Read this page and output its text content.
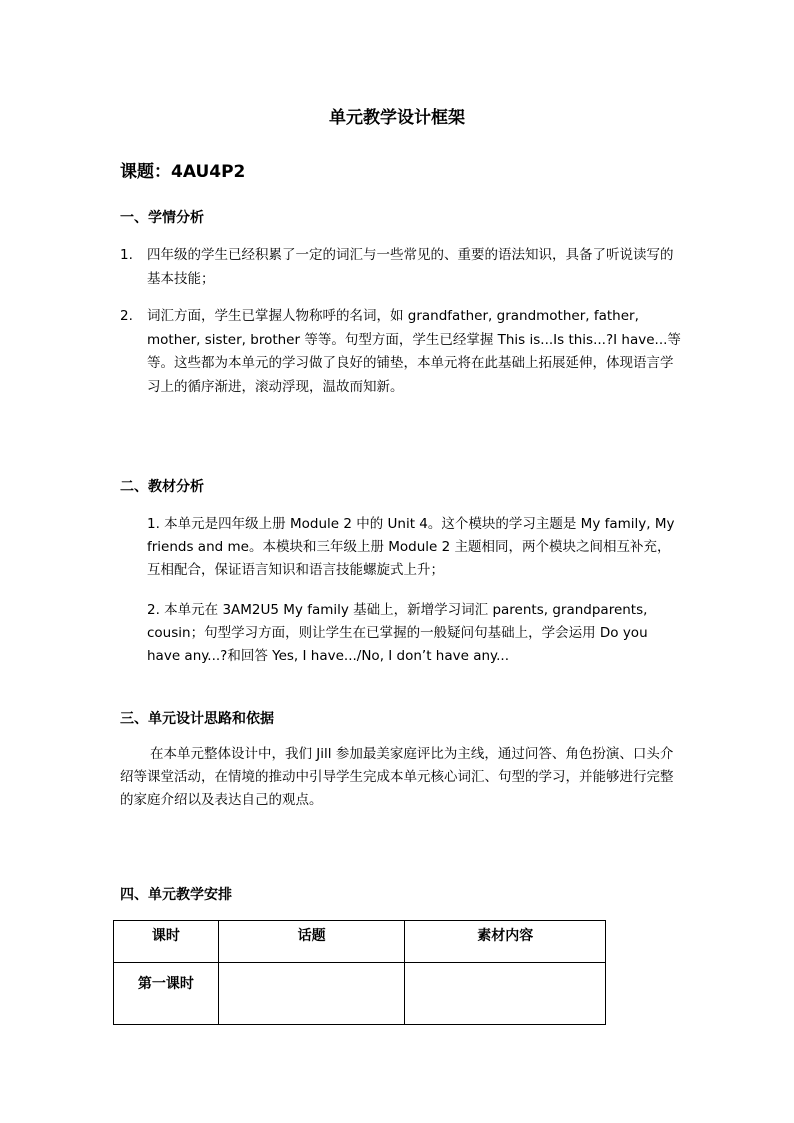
单元教学设计框架
课题：4AU4P2
一、学情分析
1.	四年级的学生已经积累了一定的词汇与一些常见的、重要的语法知识，具备了听说读写的基本技能；
2.	词汇方面，学生已掌握人物称呼的名词，如 grandfather, grandmother, father, mother, sister, brother 等等。句型方面，学生已经掌握 This is...Is this...?I have...等等。这些都为本单元的学习做了良好的铺垫，本单元将在此基础上拓展延伸，体现语言学习上的循序渐进，滚动浮现，温故而知新。
二、教材分析
1. 本单元是四年级上册 Module 2 中的 Unit 4。这个模块的学习主题是 My family, My friends and me。本模块和三年级上册 Module 2 主题相同，两个模块之间相互补充，互相配合，保证语言知识和语言技能螺旋式上升；
2. 本单元在 3AM2U5 My family 基础上，新增学习词汇 parents, grandparents, cousin；句型学习方面，则让学生在已掌握的一般疑问句基础上，学会运用 Do you have any...?和回答 Yes, I have.../No, I don’t have any...
三、单元设计思路和依据
在本单元整体设计中，我们 Jill 参加最美家庭评比为主线，通过问答、角色扮演、口头介绍等课堂活动，在情境的推动中引导学生完成本单元核心词汇、句型的学习，并能够进行完整的家庭介绍以及表达自己的观点。
四、单元教学安排
课时	话题	素材内容
第一课时		
